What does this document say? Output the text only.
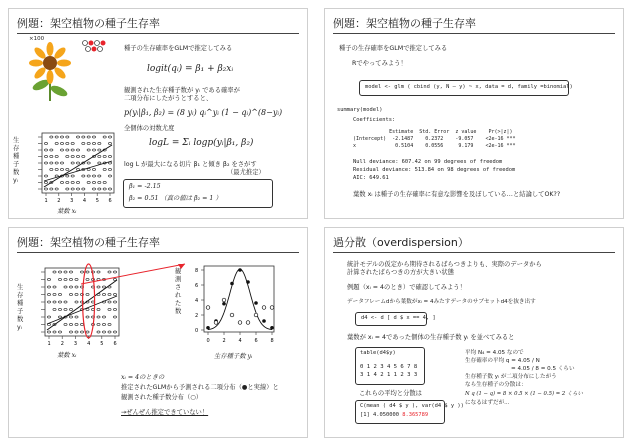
例題：架空植物の種子生存率
×100
種子の生存確率をGLMで推定してみる
logit(qᵢ) = β₁ + β₂xᵢ
観測された生存種子数が yᵢ である確率が
二項分布にしたがうとすると、
p(yᵢ|β₁, β₂) = (8 yᵢ) qᵢ^yᵢ (1 − qᵢ)^(8−yᵢ)
全個体の対数尤度
logL = Σᵢ logp(yᵢ|β₁, β₂)
log L が最大になる切片 β₁ と傾き β₂ をさがす
（最尤推定）
β₁ = -2.15
β₂ = 0.51 （真の値は β₂ = 1 ）
1 2 3 4 5 6
生
存
種
子
数
yᵢ
葉数 xᵢ
例題：架空植物の種子生存率
種子の生存確率をGLMで推定してみる
Rでやってみよう！
model <- glm ( cbind (y, N – y) ~ x, data = d, family =binomial)
summary(model)
Coefficients:
Estimate  Std. Error  z value    Pr(>|z|)
(Intercept)  -2.1487    0.2372    -9.057    <2e-16 ***
x             0.5104    0.0556     9.179    <2e-16 ***
Null deviance: 607.42 on 99 degrees of freedom
Residual deviance: 513.84 on 98 degrees of freedom
AIC: 649.61
葉数 xᵢ は種子の生存確率に有意な影響を及ぼしている…と結論してOK??
例題：架空植物の種子生存率
1 2 3 4 5 6
生
存
種
子
数
yᵢ
葉数 xᵢ
0	2	4	6	8
0
2
4
6
8
観
測
さ
れ
た
数
生存種子数 yᵢ
xᵢ = 4のときの
推定されたGLMから予測される二項分布（●と実線）と
観測された種子数分布（○）
→ぜんぜん推定できていない！
過分散（overdispersion）
統計モデルの仮定から期待されるばらつきよりも、実際のデータから
計算されたばらつきの方が大きい状態
例題（xᵢ = 4のとき）で確認してみよう！
データフレームdから葉数がxᵢ = 4みたすデータのサブセットd4を抜き出す
d4 <- d [ d $ x == 4, ]
葉数が xᵢ = 4であった個体の生存種子数 yᵢ を並べてみると
table(d4$y)
0 1 2 3 4 5 6 7 8
3 1 4 2 1 1 2 3 3
これらの平均と分散は
C(mean ( d4 $ y ), var(d4 $ y ))
[1] 4.050000 8.365789
平均 N₄ = 4.05 なので
生存確率の平均 q = 4.05 / N
= 4.05 / 8 = 0.5 くらい
生存種子数 yᵢ が二項分布にしたがう
なら生存種子の分散は：
N q (1 − q) = 8 × 0.5 × (1 − 0.5) = 2 くらい
になるはずだが...
